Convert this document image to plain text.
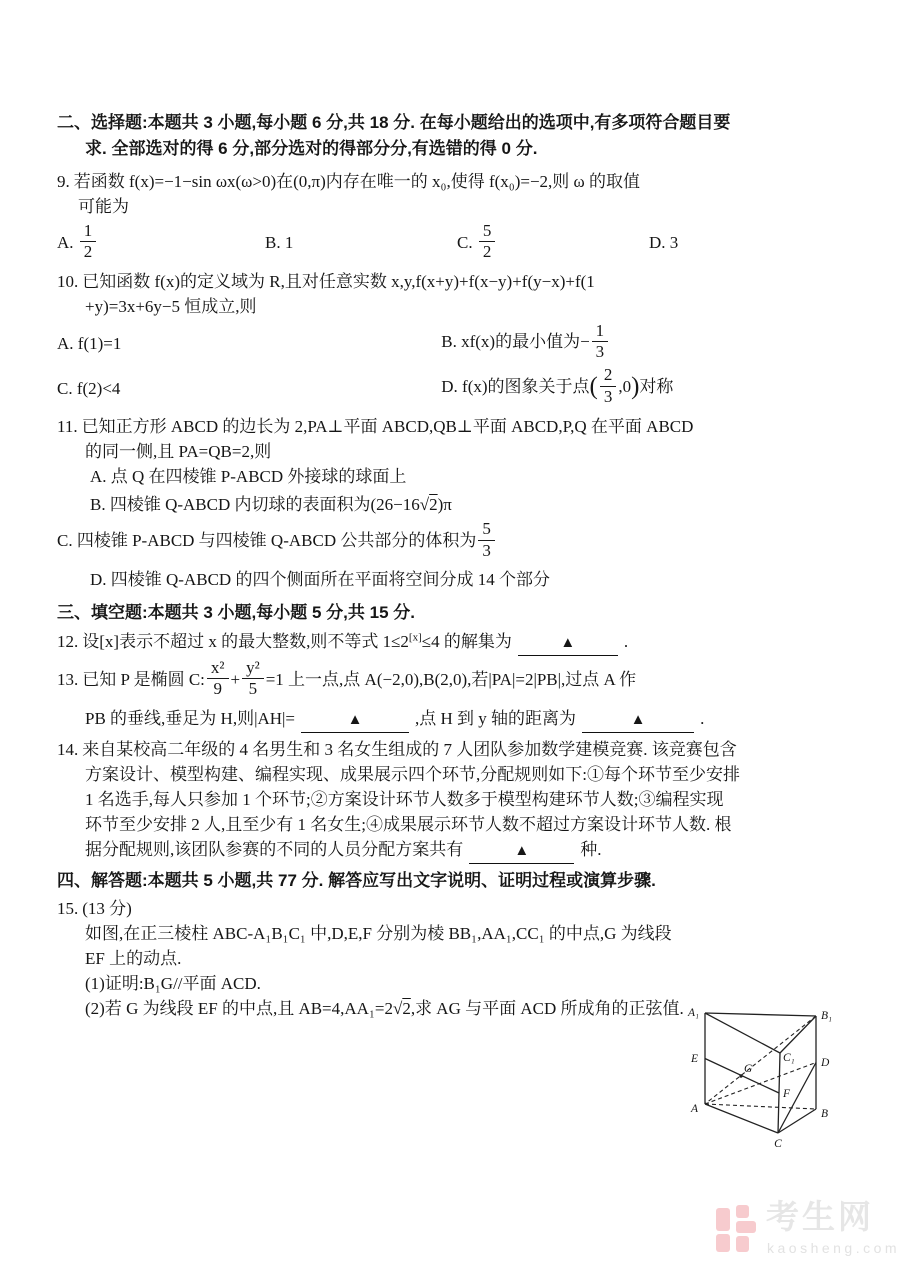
二、选择题:本题共 3 小题,每小题 6 分,共 18 分. 在每小题给出的选项中,有多项符合题目要
求. 全部选对的得 6 分,部分选对的得部分分,有选错的得 0 分.
9. 若函数 f(x)=−1−sin ωx(ω>0)在(0,π)内存在唯一的 x₀,使得 f(x₀)=−2,则 ω 的取值
可能为
A. $\frac{1}{2}$	B. 1	C. $\frac{5}{2}$	D. 3
10. 已知函数 f(x)的定义域为 R,且对任意实数 x,y,f(x+y)+f(x−y)+f(y−x)+f(1
+y)=3x+6y−5 恒成立,则
A. f(1)=1	B. xf(x)的最小值为− $\frac{1}{3}$
C. f(2)<4	D. f(x)的图象关于点( $\frac{2}{3} ,0$)对称
11. 已知正方形 ABCD 的边长为 2,PA⊥平面 ABCD,QB⊥平面 ABCD,P,Q 在平面 ABCD
的同一侧,且 PA=QB=2,则
A. 点 Q 在四棱锥 P-ABCD 外接球的球面上
B. 四棱锥 Q-ABCD 内切球的表面积为(26−16√2)π
C. 四棱锥 P-ABCD 与四棱锥 Q-ABCD 公共部分的体积为 $\frac{5}{3}$
D. 四棱锥 Q-ABCD 的四个侧面所在平面将空间分成 14 个部分
三、填空题:本题共 3 小题,每小题 5 分,共 15 分.
12. 设[x]表示不超过 x 的最大整数,则不等式 1≤2[x]≤4 的解集为	▲	.
13. 已知 P 是椭圆 C: $\frac{\text{x²}}{9} + \frac{\text{y²}}{5} =1$ 上一点,点 A(−2,0),B(2,0),若|PA|=2|PB|,过点 A 作
PB 的垂线,垂足为 H,则|AH|=	▲	,点 H 到 y 轴的距离为	▲	.
14. 来自某校高二年级的 4 名男生和 3 名女生组成的 7 人团队参加数学建模竞赛. 该竞赛包含
方案设计、模型构建、编程实现、成果展示四个环节,分配规则如下:①每个环节至少安排
1 名选手,每人只参加 1 个环节;②方案设计环节人数多于模型构建环节人数;③编程实现
环节至少安排 2 人,且至少有 1 名女生;④成果展示环节人数不超过方案设计环节人数. 根
据分配规则,该团队参赛的不同的人员分配方案共有	▲	种.
四、解答题:本题共 5 小题,共 77 分. 解答应写出文字说明、证明过程或演算步骤.
15. (13 分)
如图,在正三棱柱 ABC-A₁B₁C₁ 中,D,E,F 分别为棱 BB₁,AA₁,CC₁ 的中点,G 为线段
EF 上的动点.
(1)证明:B₁G//平面 ACD.
(2)若 G 为线段 EF 的中点,且 AB=4,AA₁=2√2,求 AG 与平面 ACD 所成角的正弦值. A₁	B₁
C₁
E	D
G
F
A	B
C
考生网
kaosheng.com
